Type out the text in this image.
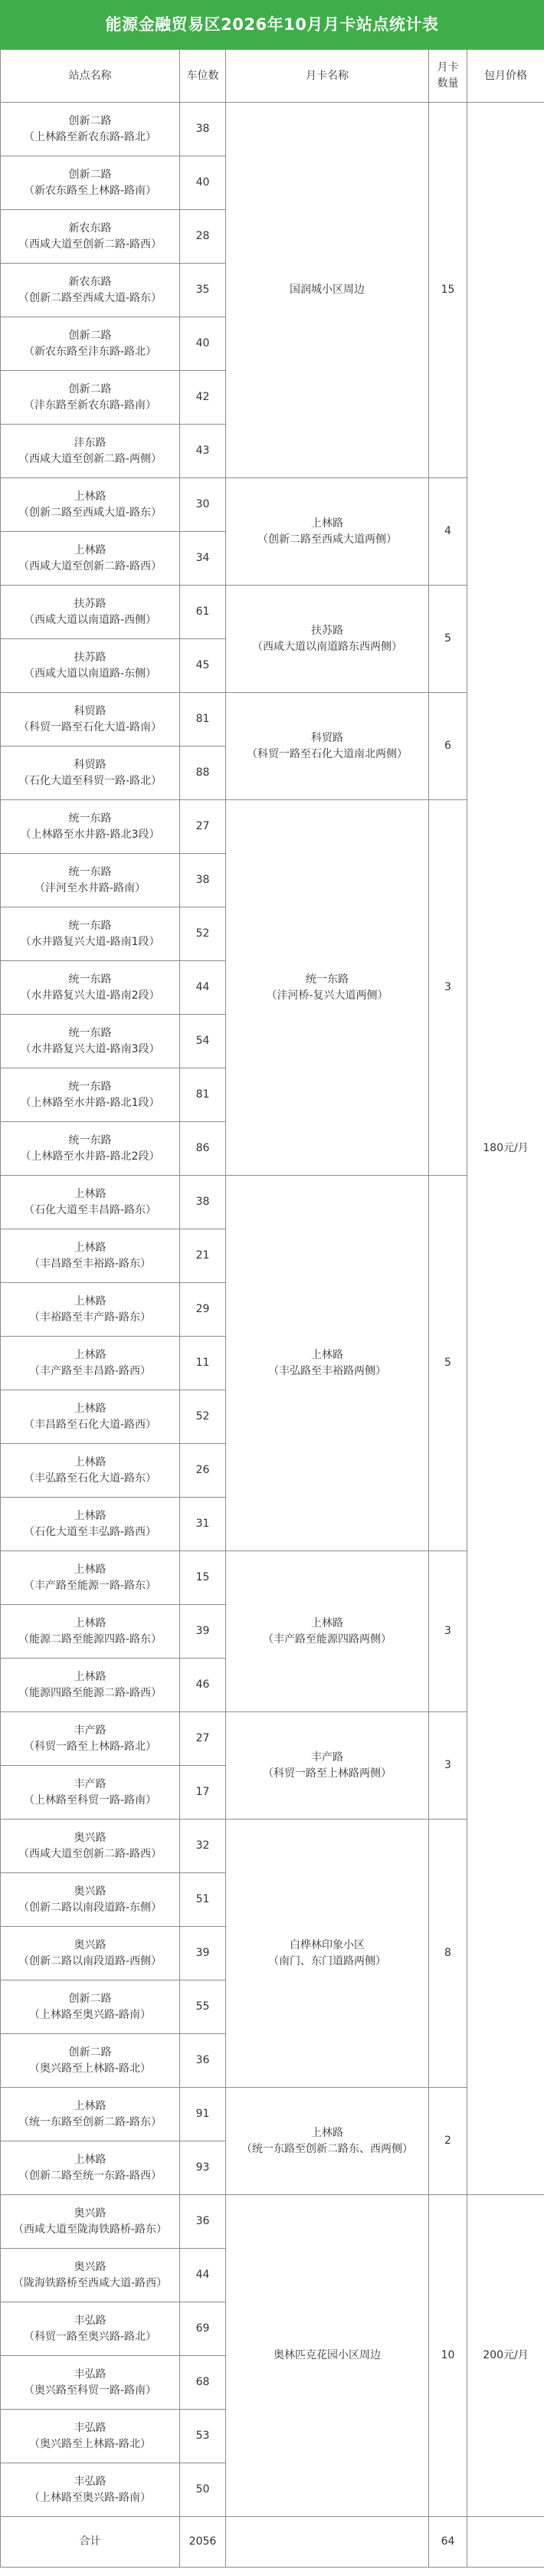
能源金融贸易区2026年10月月卡站点统计表
站点名称	车位数	月卡名称	月卡
数量	包月价格

创新二路
（上林路至新农东路-路北）	38	国润城小区周边	15	180元/月

创新二路
（新农东路至上林路-路南）	40			

新农东路
（西咸大道至创新二路-路西）	28			

新农东路
（创新二路至西咸大道-路东）	35			

创新二路
（新农东路至沣东路-路北）	40			

创新二路
（沣东路至新农东路-路南）	42			

沣东路
（西咸大道至创新二路-两侧）	43			

上林路
（创新二路至西咸大道-路东）	30	上林路
（创新二路至西咸大道两侧）	4	

上林路
（西咸大道至创新二路-路西）	34			

扶苏路
（西咸大道以南道路-西侧）	61	扶苏路
（西咸大道以南道路东西两侧）	5	

扶苏路
（西咸大道以南道路-东侧）	45			

科贸路
（科贸一路至石化大道-路南）	81	科贸路
（科贸一路至石化大道南北两侧）	6	

科贸路
（石化大道至科贸一路-路北）	88			

统一东路
（上林路至水井路-路北3段）	27	统一东路
（沣河桥-复兴大道两侧）	3	

统一东路
（沣河至水井路-路南）	38			

统一东路
（水井路复兴大道-路南1段）	52			

统一东路
（水井路复兴大道-路南2段）	44			

统一东路
（水井路复兴大道-路南3段）	54			

统一东路
（上林路至水井路-路北1段）	81			

统一东路
（上林路至水井路-路北2段）	86			

上林路
（石化大道至丰昌路-路东）	38	上林路
（丰弘路至丰裕路两侧）	5	

上林路
（丰昌路至丰裕路-路东）	21			

上林路
（丰裕路至丰产路-路东）	29			

上林路
（丰产路至丰昌路-路西）	11			

上林路
（丰昌路至石化大道-路西）	52			

上林路
（丰弘路至石化大道-路东）	26			

上林路
（石化大道至丰弘路-路西）	31			

上林路
（丰产路至能源一路-路东）	15	上林路
（丰产路至能源四路两侧）	3	

上林路
（能源二路至能源四路-路东）	39			

上林路
（能源四路至能源二路-路西）	46			

丰产路
（科贸一路至上林路-路北）	27	丰产路
（科贸一路至上林路两侧）	3	

丰产路
（上林路至科贸一路-路南）	17			

奥兴路
（西咸大道至创新二路-路西）	32	白桦林印象小区
（南门、东门道路两侧）	8	

奥兴路
（创新二路以南段道路-东侧）	51			

奥兴路
（创新二路以南段道路-西侧）	39			

创新二路
（上林路至奥兴路-路南）	55			

创新二路
（奥兴路至上林路-路北）	36			

上林路
（统一东路至创新二路-路东）	91	上林路
（统一东路至创新二路东、西两侧）	2	

上林路
（创新二路至统一东路-路西）	93			

奥兴路
（西咸大道至陇海铁路桥-路东）	36	奥林匹克花园小区周边	10	200元/月

奥兴路
（陇海铁路桥至西咸大道-路西）	44			

丰弘路
（科贸一路至奥兴路-路北）	69			

丰弘路
（奥兴路至科贸一路-路南）	68			

丰弘路
（奥兴路至上林路-路北）	53			

丰弘路
（上林路至奥兴路-路南）	50			
合计	2056		64	
